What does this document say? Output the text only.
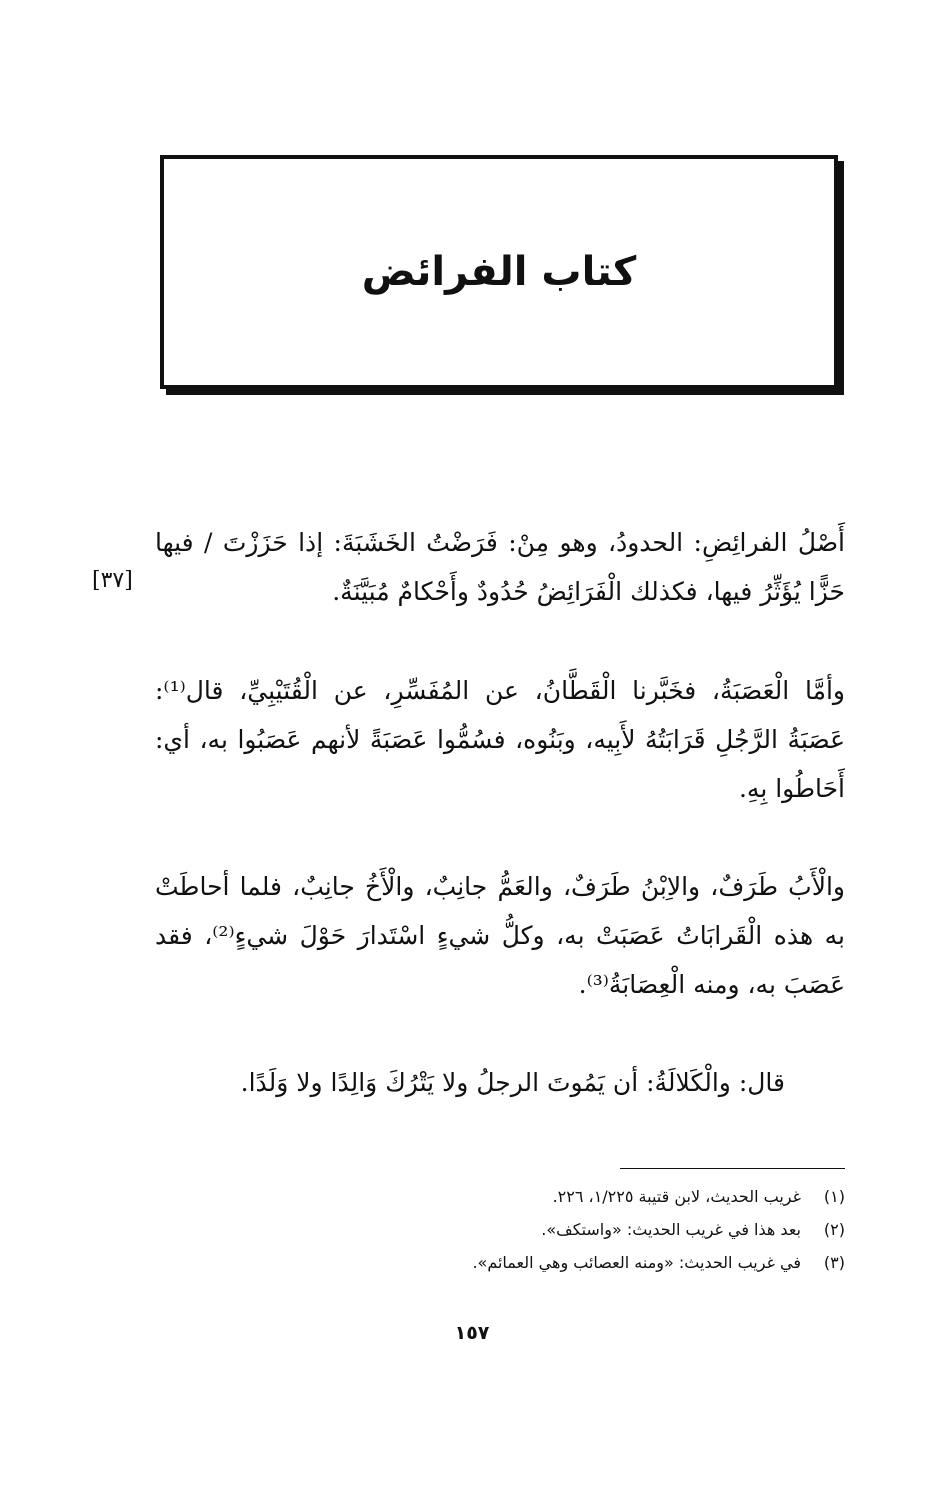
كتاب الفرائض
أَصْلُ الفرائِضِ: الحدودُ، وهو مِنْ: فَرَضْتُ الخَشَبَةَ: إذا حَزَزْتَ / فيها حَزًّا يُؤَثِّرُ فيها، فكذلك الْفَرَائِضُ حُدُودٌ وأَحْكامٌ مُبَيَّنَةٌ.
[٣٧]
وأمَّا الْعَصَبَةُ، فخَبَّرنا الْقَطَّانُ، عن المُفَسِّرِ، عن الْقُتَيْبِيِّ، قال⁽¹⁾: عَصَبَةُ الرَّجُلِ قَرَابَتُهُ لأَبِيه، وبَنُوه، فسُمُّوا عَصَبَةً لأنهم عَصَبُوا به، أي: أَحَاطُوا بِهِ.
والْأَبُ طَرَفٌ، والاِبْنُ طَرَفٌ، والعَمُّ جانِبٌ، والْأَخُ جانِبٌ، فلما أحاطَتْ به هذه الْقَرابَاتُ عَصَبَتْ به، وكلُّ شيءٍ اسْتَدارَ حَوْلَ شيءٍ⁽²⁾، فقد عَصَبَ به، ومنه الْعِصَابَةُ⁽³⁾.
قال: والْكَلالَةُ: أن يَمُوتَ الرجلُ ولا يَتْرُكَ وَالِدًا ولا وَلَدًا.
(١)
غريب الحديث، لابن قتيبة ١/٢٢٥، ٢٢٦.
(٢)
بعد هذا في غريب الحديث: «واستكف».
(٣)
في غريب الحديث: «ومنه العصائب وهي العمائم».
١٥٧
